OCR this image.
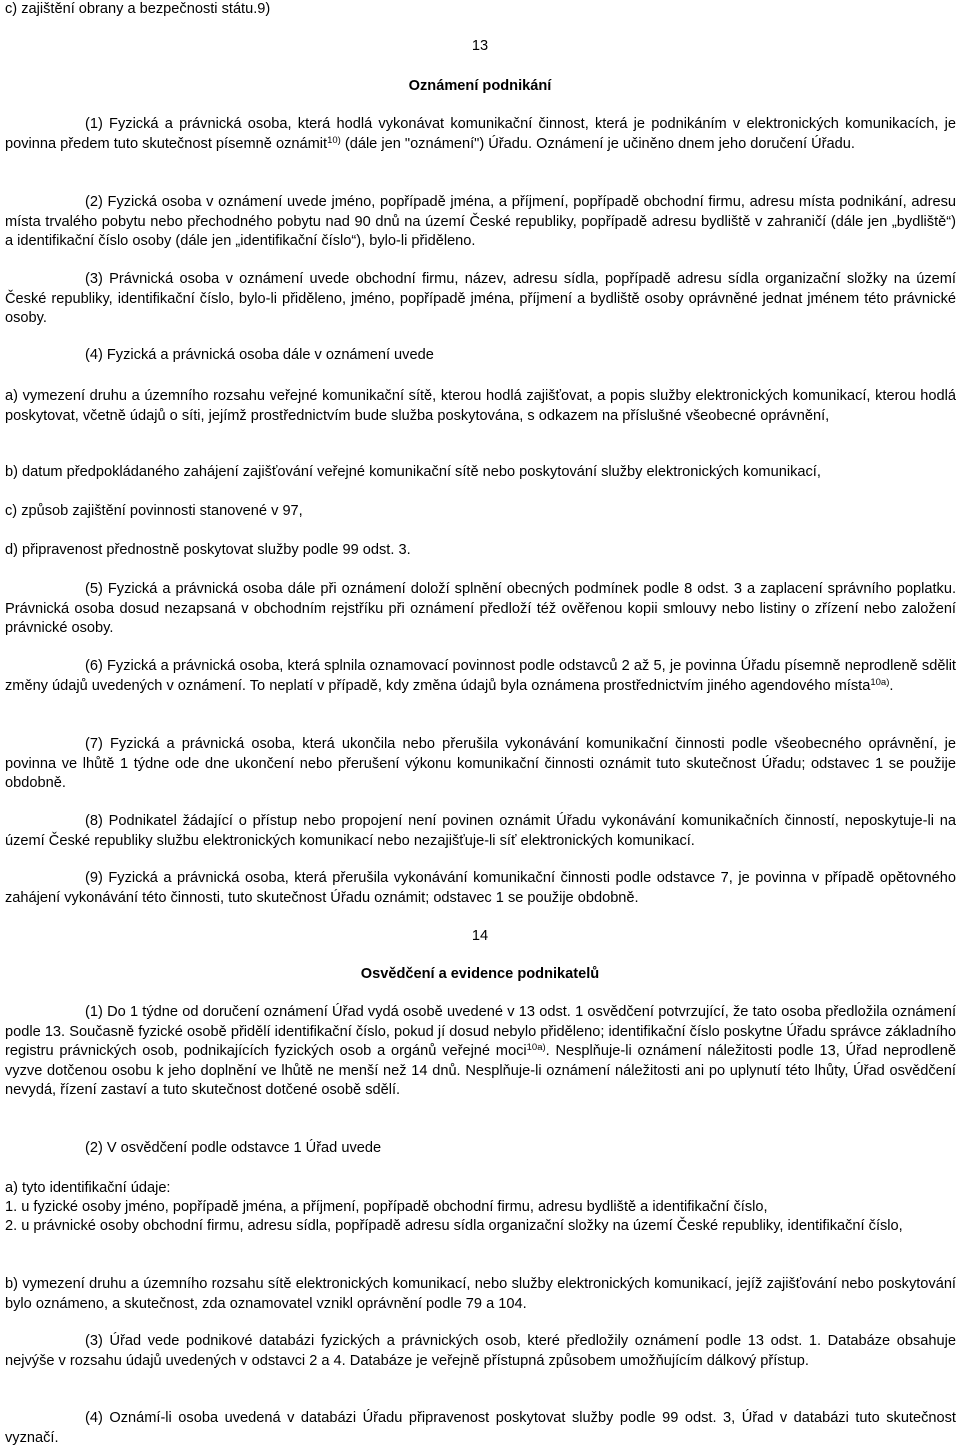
c) zajištění obrany a bezpečnosti státu.9)
13
Oznámení podnikání
(1) Fyzická a právnická osoba, která hodlá vykonávat komunikační činnost, která je podnikáním v elektronických komunikacích, je povinna předem tuto skutečnost písemně oznámit$^{10)}$ (dále jen "oznámení") Úřadu. Oznámení je učiněno dnem jeho doručení Úřadu.
(2) Fyzická osoba v oznámení uvede jméno, popřípadě jména, a příjmení, popřípadě obchodní firmu, adresu místa podnikání, adresu místa trvalého pobytu nebo přechodného pobytu nad 90 dnů na území České republiky, popřípadě adresu bydliště v zahraničí (dále jen „bydliště“) a identifikační číslo osoby (dále jen „identifikační číslo“), bylo-li přiděleno.
(3) Právnická osoba v oznámení uvede obchodní firmu, název, adresu sídla, popřípadě adresu sídla organizační složky na území České republiky, identifikační číslo, bylo-li přiděleno, jméno, popřípadě jména, příjmení a bydliště osoby oprávněné jednat jménem této právnické osoby.
(4) Fyzická a právnická osoba dále v oznámení uvede
a) vymezení druhu a územního rozsahu veřejné komunikační sítě, kterou hodlá zajišťovat, a popis služby elektronických komunikací, kterou hodlá poskytovat, včetně údajů o síti, jejímž prostřednictvím bude služba poskytována, s odkazem na příslušné všeobecné oprávnění,
b) datum předpokládaného zahájení zajišťování veřejné komunikační sítě nebo poskytování služby elektronických komunikací,
c) způsob zajištění povinnosti stanovené v 97,
d) připravenost přednostně poskytovat služby podle 99 odst. 3.
(5) Fyzická a právnická osoba dále při oznámení doloží splnění obecných podmínek podle 8 odst. 3 a zaplacení správního poplatku. Právnická osoba dosud nezapsaná v obchodním rejstříku při oznámení předloží též ověřenou kopii smlouvy nebo listiny o zřízení nebo založení právnické osoby.
(6) Fyzická a právnická osoba, která splnila oznamovací povinnost podle odstavců 2 až 5, je povinna Úřadu písemně neprodleně sdělit změny údajů uvedených v oznámení. To neplatí v případě, kdy změna údajů byla oznámena prostřednictvím jiného agendového místa$^{10a)}$.
(7) Fyzická a právnická osoba, která ukončila nebo přerušila vykonávání komunikační činnosti podle všeobecného oprávnění, je povinna ve lhůtě 1 týdne ode dne ukončení nebo přerušení výkonu komunikační činnosti oznámit tuto skutečnost Úřadu; odstavec 1 se použije obdobně.
(8) Podnikatel žádající o přístup nebo propojení není povinen oznámit Úřadu vykonávání komunikačních činností, neposkytuje-li na území České republiky službu elektronických komunikací nebo nezajišťuje-li síť elektronických komunikací.
(9) Fyzická a právnická osoba, která přerušila vykonávání komunikační činnosti podle odstavce 7, je povinna v případě opětovného zahájení vykonávání této činnosti, tuto skutečnost Úřadu oznámit; odstavec 1 se použije obdobně.
14
Osvědčení a evidence podnikatelů
(1) Do 1 týdne od doručení oznámení Úřad vydá osobě uvedené v 13 odst. 1 osvědčení potvrzující, že tato osoba předložila oznámení podle 13. Současně fyzické osobě přidělí identifikační číslo, pokud jí dosud nebylo přiděleno; identifikační číslo poskytne Úřadu správce základního registru právnických osob, podnikajících fyzických osob a orgánů veřejné moci$^{10a)}$. Nesplňuje-li oznámení náležitosti podle 13, Úřad neprodleně vyzve dotčenou osobu k jeho doplnění ve lhůtě ne menší než 14 dnů. Nesplňuje-li oznámení náležitosti ani po uplynutí této lhůty, Úřad osvědčení nevydá, řízení zastaví a tuto skutečnost dotčené osobě sdělí.
(2) V osvědčení podle odstavce 1 Úřad uvede
a) tyto identifikační údaje:
1. u fyzické osoby jméno, popřípadě jména, a příjmení, popřípadě obchodní firmu, adresu bydliště a identifikační číslo,
2. u právnické osoby obchodní firmu, adresu sídla, popřípadě adresu sídla organizační složky na území České republiky, identifikační číslo,
b) vymezení druhu a územního rozsahu sítě elektronických komunikací, nebo služby elektronických komunikací, jejíž zajišťování nebo poskytování bylo oznámeno, a skutečnost, zda oznamovatel vznikl oprávnění podle 79 a 104.
(3) Úřad vede podnikové databázi fyzických a právnických osob, které předložily oznámení podle 13 odst. 1. Databáze obsahuje nejvýše v rozsahu údajů uvedených v odstavci 2 a 4. Databáze je veřejně přístupná způsobem umožňujícím dálkový přístup.
(4) Oznámí-li osoba uvedená v databázi Úřadu připravenost poskytovat služby podle 99 odst. 3, Úřad v databázi tuto skutečnost vyznačí.
